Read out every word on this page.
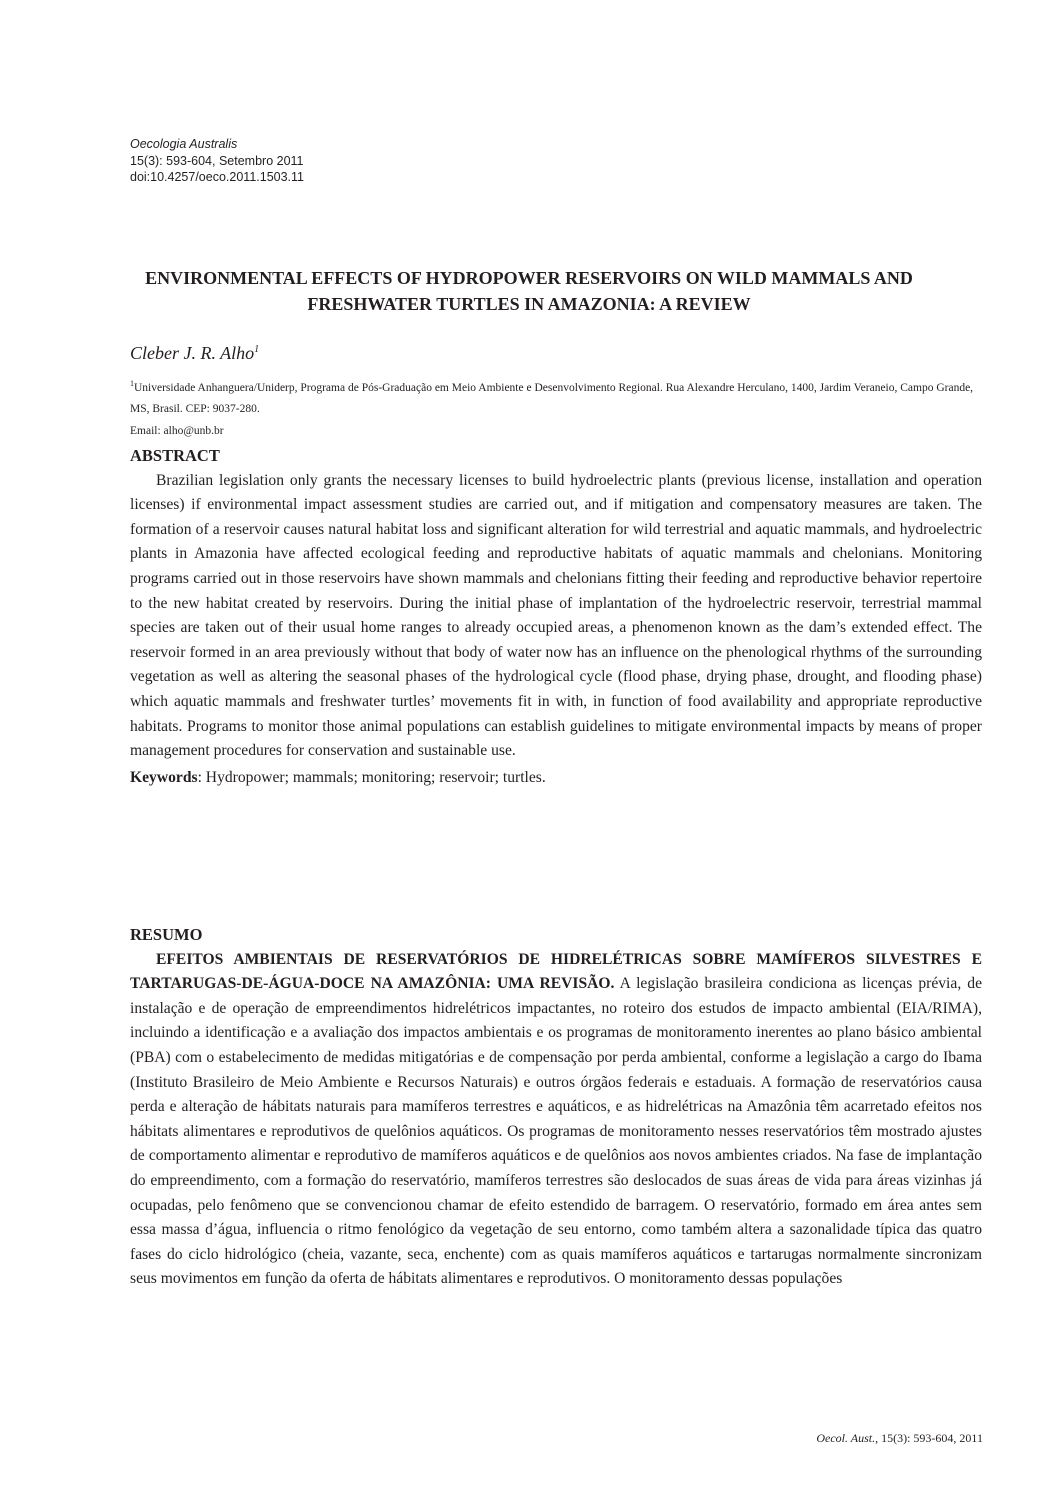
Oecologia Australis
15(3): 593-604, Setembro 2011
doi:10.4257/oeco.2011.1503.11
ENVIRONMENTAL EFFECTS OF HYDROPOWER RESERVOIRS ON WILD MAMMALS AND FRESHWATER TURTLES IN AMAZONIA: A REVIEW
Cleber J. R. Alho$^1$
$^1$Universidade Anhanguera/Uniderp, Programa de Pós-Graduação em Meio Ambiente e Desenvolvimento Regional. Rua Alexandre Herculano, 1400, Jardim Veraneio, Campo Grande, MS, Brasil. CEP: 9037-280.
Email: alho@unb.br
ABSTRACT
Brazilian legislation only grants the necessary licenses to build hydroelectric plants (previous license, installation and operation licenses) if environmental impact assessment studies are carried out, and if mitigation and compensatory measures are taken. The formation of a reservoir causes natural habitat loss and significant alteration for wild terrestrial and aquatic mammals, and hydroelectric plants in Amazonia have affected ecological feeding and reproductive habitats of aquatic mammals and chelonians. Monitoring programs carried out in those reservoirs have shown mammals and chelonians fitting their feeding and reproductive behavior repertoire to the new habitat created by reservoirs. During the initial phase of implantation of the hydroelectric reservoir, terrestrial mammal species are taken out of their usual home ranges to already occupied areas, a phenomenon known as the dam’s extended effect. The reservoir formed in an area previously without that body of water now has an influence on the phenological rhythms of the surrounding vegetation as well as altering the seasonal phases of the hydrological cycle (flood phase, drying phase, drought, and flooding phase) which aquatic mammals and freshwater turtles’ movements fit in with, in function of food availability and appropriate reproductive habitats. Programs to monitor those animal populations can establish guidelines to mitigate environmental impacts by means of proper management procedures for conservation and sustainable use.
Keywords: Hydropower; mammals; monitoring; reservoir; turtles.
RESUMO
EFEITOS AMBIENTAIS DE RESERVATÓRIOS DE HIDRELÉTRICAS SOBRE MAMÍFEROS SILVESTRES E TARTARUGAS-DE-ÁGUA-DOCE NA AMAZÔNIA: UMA REVISÃO. A legislação brasileira condiciona as licenças prévia, de instalação e de operação de empreendimentos hidrelétricos impactantes, no roteiro dos estudos de impacto ambiental (EIA/RIMA), incluindo a identificação e a avaliação dos impactos ambientais e os programas de monitoramento inerentes ao plano básico ambiental (PBA) com o estabelecimento de medidas mitigatórias e de compensação por perda ambiental, conforme a legislação a cargo do Ibama (Instituto Brasileiro de Meio Ambiente e Recursos Naturais) e outros órgãos federais e estaduais. A formação de reservatórios causa perda e alteração de hábitats naturais para mamíferos terrestres e aquáticos, e as hidrelétricas na Amazônia têm acarretado efeitos nos hábitats alimentares e reprodutivos de quelônios aquáticos. Os programas de monitoramento nesses reservatórios têm mostrado ajustes de comportamento alimentar e reprodutivo de mamíferos aquáticos e de quelônios aos novos ambientes criados. Na fase de implantação do empreendimento, com a formação do reservatório, mamíferos terrestres são deslocados de suas áreas de vida para áreas vizinhas já ocupadas, pelo fenômeno que se convencionou chamar de efeito estendido de barragem. O reservatório, formado em área antes sem essa massa d’água, influencia o ritmo fenológico da vegetação de seu entorno, como também altera a sazonalidade típica das quatro fases do ciclo hidrológico (cheia, vazante, seca, enchente) com as quais mamíferos aquáticos e tartarugas normalmente sincronizam seus movimentos em função da oferta de hábitats alimentares e reprodutivos. O monitoramento dessas populações
Oecol. Aust., 15(3): 593-604, 2011
